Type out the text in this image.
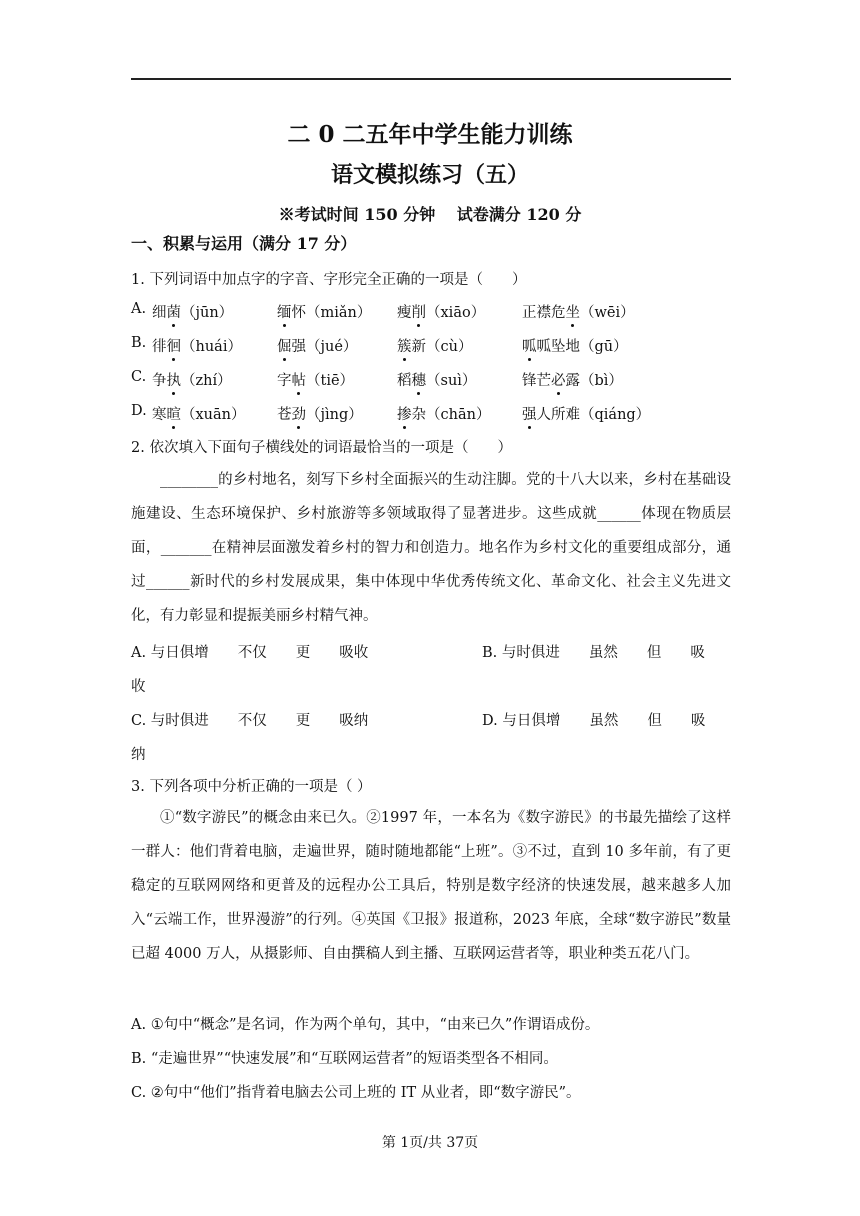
二 0 二五年中学生能力训练
语文模拟练习（五）
※考试时间 150 分钟　 试卷满分 120 分
一、积累与运用（满分 17 分）
1. 下列词语中加点字的字音、字形完全正确的一项是（　　）
A. 细菌（jūn）	缅怀（miǎn） 瘦削（xiāo）	正襟危坐（wēi）
B. 徘徊（huái） 倔强（jué）	簇新（cù）	呱呱坠地（gū）
C. 争执（zhí）	字帖（tiē）	稻穗（suì）	锋芒必露（bì）
D. 寒暄（xuān） 苍劲（jìng） 掺杂（chān） 强人所难（qiáng）
2. 依次填入下面句子横线处的词语最恰当的一项是（　　）

________的乡村地名，刻写下乡村全面振兴的生动注脚。党的十八大以来，乡村在基础设施建设、生态环境保护、乡村旅游等多领域取得了显著进步。这些成就______体现在物质层面，_______在精神层面激发着乡村的智力和创造力。地名作为乡村文化的重要组成部分，通过______新时代的乡村发展成果，集中体现中华优秀传统文化、革命文化、社会主义先进文化，有力彰显和提振美丽乡村精气神。

A. 与日俱增　　不仅　　更　　吸收	B. 与时俱进　　虽然　　但　　吸
收
C. 与时俱进　　不仅　　更　　吸纳	D. 与日俱增　　虽然　　但　　吸
纳
3. 下列各项中分析正确的一项是（ ）

①“数字游民”的概念由来已久。②1997 年，一本名为《数字游民》的书最先描绘了这样一群人：他们背着电脑，走遍世界，随时随地都能“上班”。③不过，直到 10 多年前，有了更稳定的互联网网络和更普及的远程办公工具后，特别是数字经济的快速发展，越来越多人加入“云端工作，世界漫游”的行列。④英国《卫报》报道称，2023 年底，全球“数字游民”数量已超 4000 万人，从摄影师、自由撰稿人到主播、互联网运营者等，职业种类五花八门。

A. ①句中“概念”是名词，作为两个单句，其中，“由来已久”作谓语成份。
B. “走遍世界”“快速发展”和“互联网运营者”的短语类型各不相同。
C. ②句中“他们”指背着电脑去公司上班的 IT 从业者，即“数字游民”。
第 1页/共 37页
